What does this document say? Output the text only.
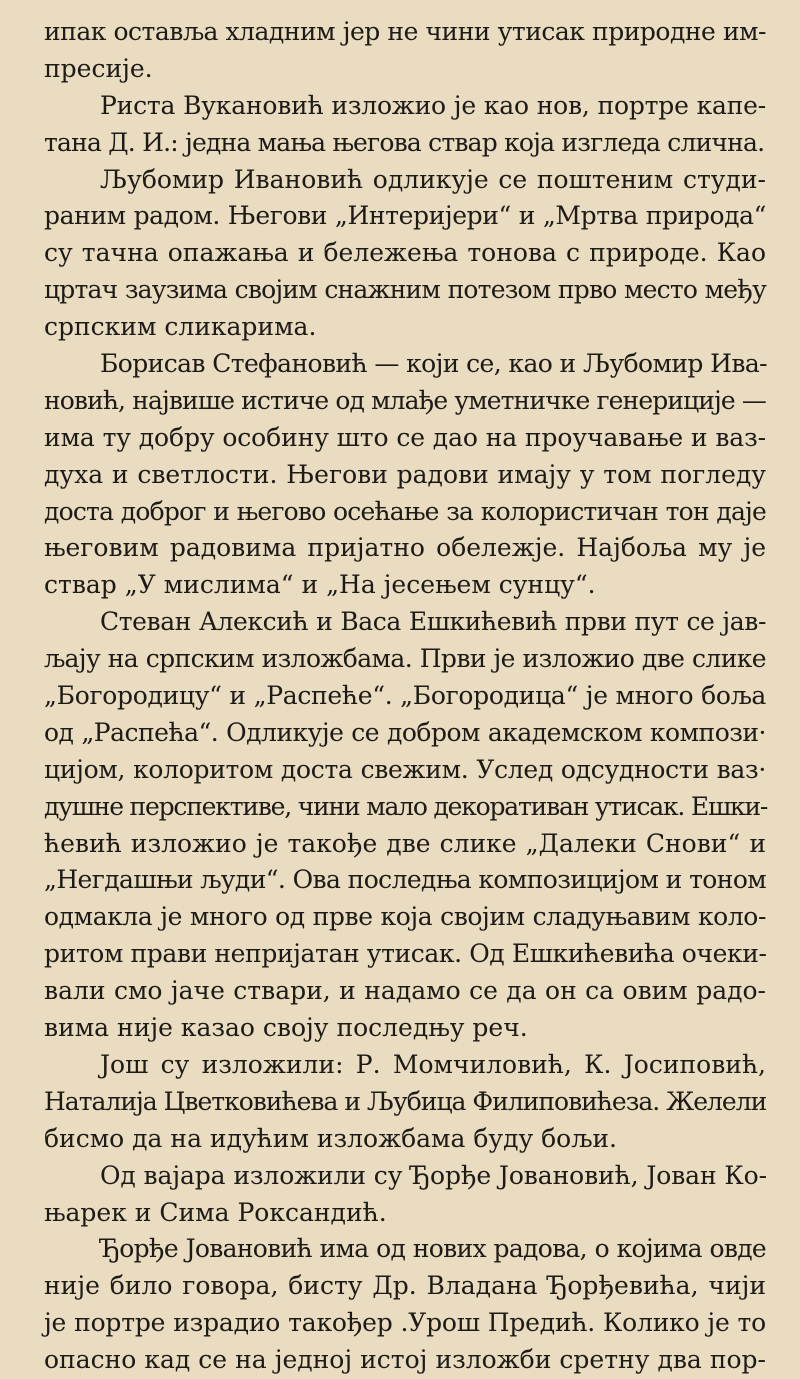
ипак оставља хладним јер не чини утисак природне им-
пресије.
Риста Вукановић изложио је као нов, портре капе-
тана Д. И.: једна мања његова ствар која изгледа слична.
Љубомир Ивановић одликује се поштеним студи-
раним радом. Његови „Интеријери“ и „Мртва природа“
су тачна опажања и бележења тонова с природе. Као
цртач заузима својим снажним потезом прво место међу
српским сликарима.
Борисав Стефановић — који се, као и Љубомир Ива-
новић, највише истиче од млађе уметничке генерицијe —
има ту добру особину што се дао на проучавање и ваз-
духа и светлости. Његови радови имају у том погледу
доста доброг и његово осећање за колористичан тон даје
његовим радовима пријатно обележје. Најбоља му је
ствар „У мислима“ и „На јесењем сунцу“.
Стеван Алексић и Васа Ешкићевић први пут се јав-
љају на српским изложбама. Први је изложио две слике
„Богородицу“ и „Распеће“. „Богородица“ је много боља
од „Распећа“. Одликује се добром академском компози·
цијом, колоритом доста свежим. Услед одсудности ваз·
душне перспективе, чини мало декоративан утисак. Ешки-
ћевић изложио је такође две слике „Далеки Снови“ и
„Негдашњи људи“. Ова последња композицијом и тоном
одмакла је много од прве која својим сладуњавим коло-
ритом прави непријатан утисак. Од Ешкићевића очеки-
вали смо јаче ствари, и надамо се да он са овим радо-
вима није казао своју последњу реч.
Још су изложили: Р. Момчиловић, К. Јосиповић,
Наталија Цветковићева и Љубица Филиповићеза. Желели
бисмо да на идућим изложбама буду бољи.
Од вајара изложили су Ђорђе Јовановић, Јован Ко-
њарек и Сима Роксандић.
Ђорђе Јовановић има од нових радова, о којима овде
није било говора, бисту Др. Владана Ђорђевића, чији
је портре израдио такођер .Урош Предић. Колико је то
опасно кад се на једној истој изложби сретну два пор-
